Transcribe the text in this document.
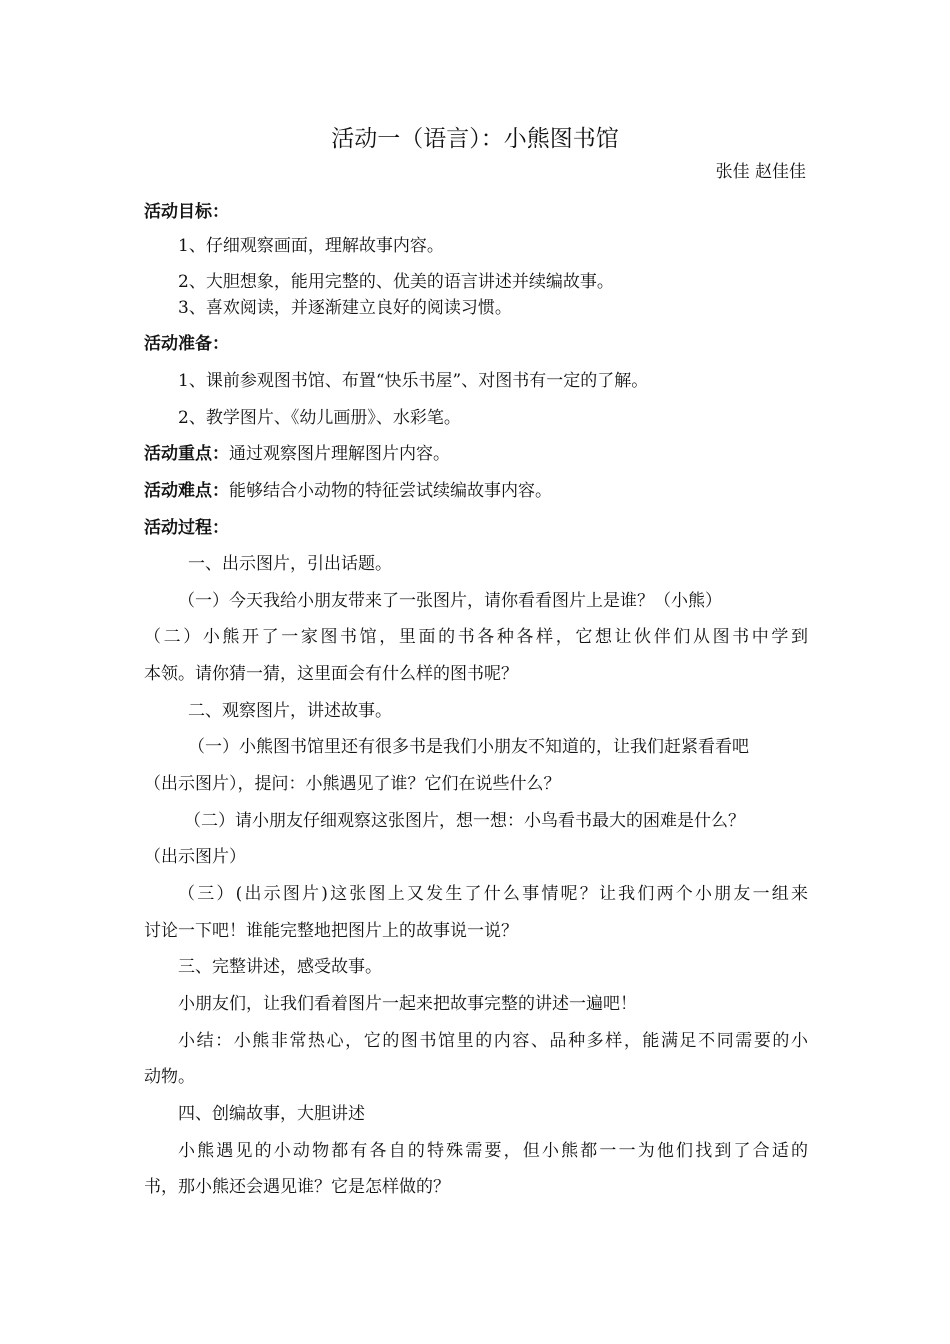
活动一（语言）：小熊图书馆
张佳 赵佳佳
活动目标：
1、仔细观察画面，理解故事内容。
2、大胆想象，能用完整的、优美的语言讲述并续编故事。
3、喜欢阅读，并逐渐建立良好的阅读习惯。
活动准备：
1、课前参观图书馆、布置“快乐书屋”、对图书有一定的了解。
2、教学图片、《幼儿画册》、水彩笔。
活动重点：通过观察图片理解图片内容。
活动难点：能够结合小动物的特征尝试续编故事内容。
活动过程：
一、出示图片，引出话题。
（一）今天我给小朋友带来了一张图片，请你看看图片上是谁？（小熊）
（二）小熊开了一家图书馆，里面的书各种各样，它想让伙伴们从图书中学到
本领。请你猜一猜，这里面会有什么样的图书呢？
二、观察图片，讲述故事。
（一）小熊图书馆里还有很多书是我们小朋友不知道的，让我们赶紧看看吧
（出示图片），提问：小熊遇见了谁？它们在说些什么？
（二）请小朋友仔细观察这张图片，想一想：小鸟看书最大的困难是什么？
（出示图片）
（三）(出示图片)这张图上又发生了什么事情呢？让我们两个小朋友一组来
讨论一下吧！谁能完整地把图片上的故事说一说？
三、完整讲述，感受故事。
小朋友们，让我们看着图片一起来把故事完整的讲述一遍吧！
小结：小熊非常热心，它的图书馆里的内容、品种多样，能满足不同需要的小
动物。
四、创编故事，大胆讲述
小熊遇见的小动物都有各自的特殊需要，但小熊都一一为他们找到了合适的
书，那小熊还会遇见谁？它是怎样做的？
